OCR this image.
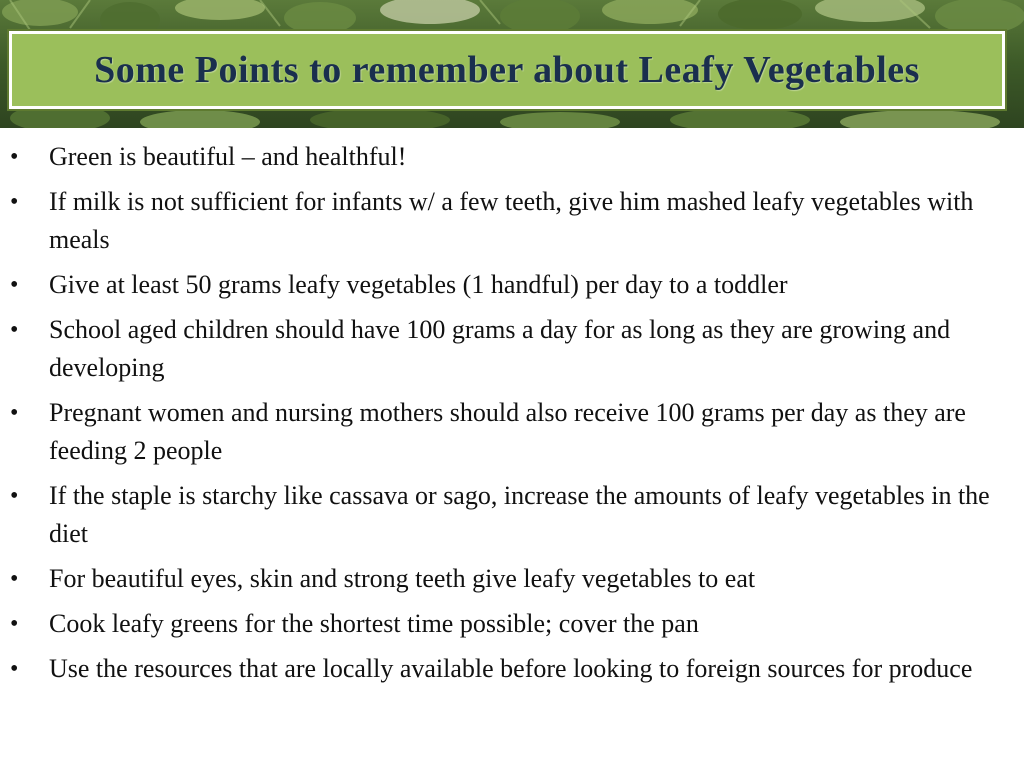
Some Points to remember about Leafy Vegetables
•	Green is beautiful – and healthful!
•	If milk is not sufficient for infants w/ a few teeth, give him mashed leafy vegetables with meals
•	Give at least 50 grams leafy vegetables (1 handful) per day to a toddler
•	School aged children should have 100 grams a day for as long as they are growing and developing
•	Pregnant women and nursing mothers should also receive 100 grams per day as they are feeding 2 people
•	If the staple is starchy like cassava or sago, increase the amounts of leafy vegetables in the diet
•	For beautiful eyes, skin and strong teeth give leafy vegetables to eat
•	Cook leafy greens for the shortest time possible; cover the pan
•	Use the resources that are locally available before looking to foreign sources for produce
